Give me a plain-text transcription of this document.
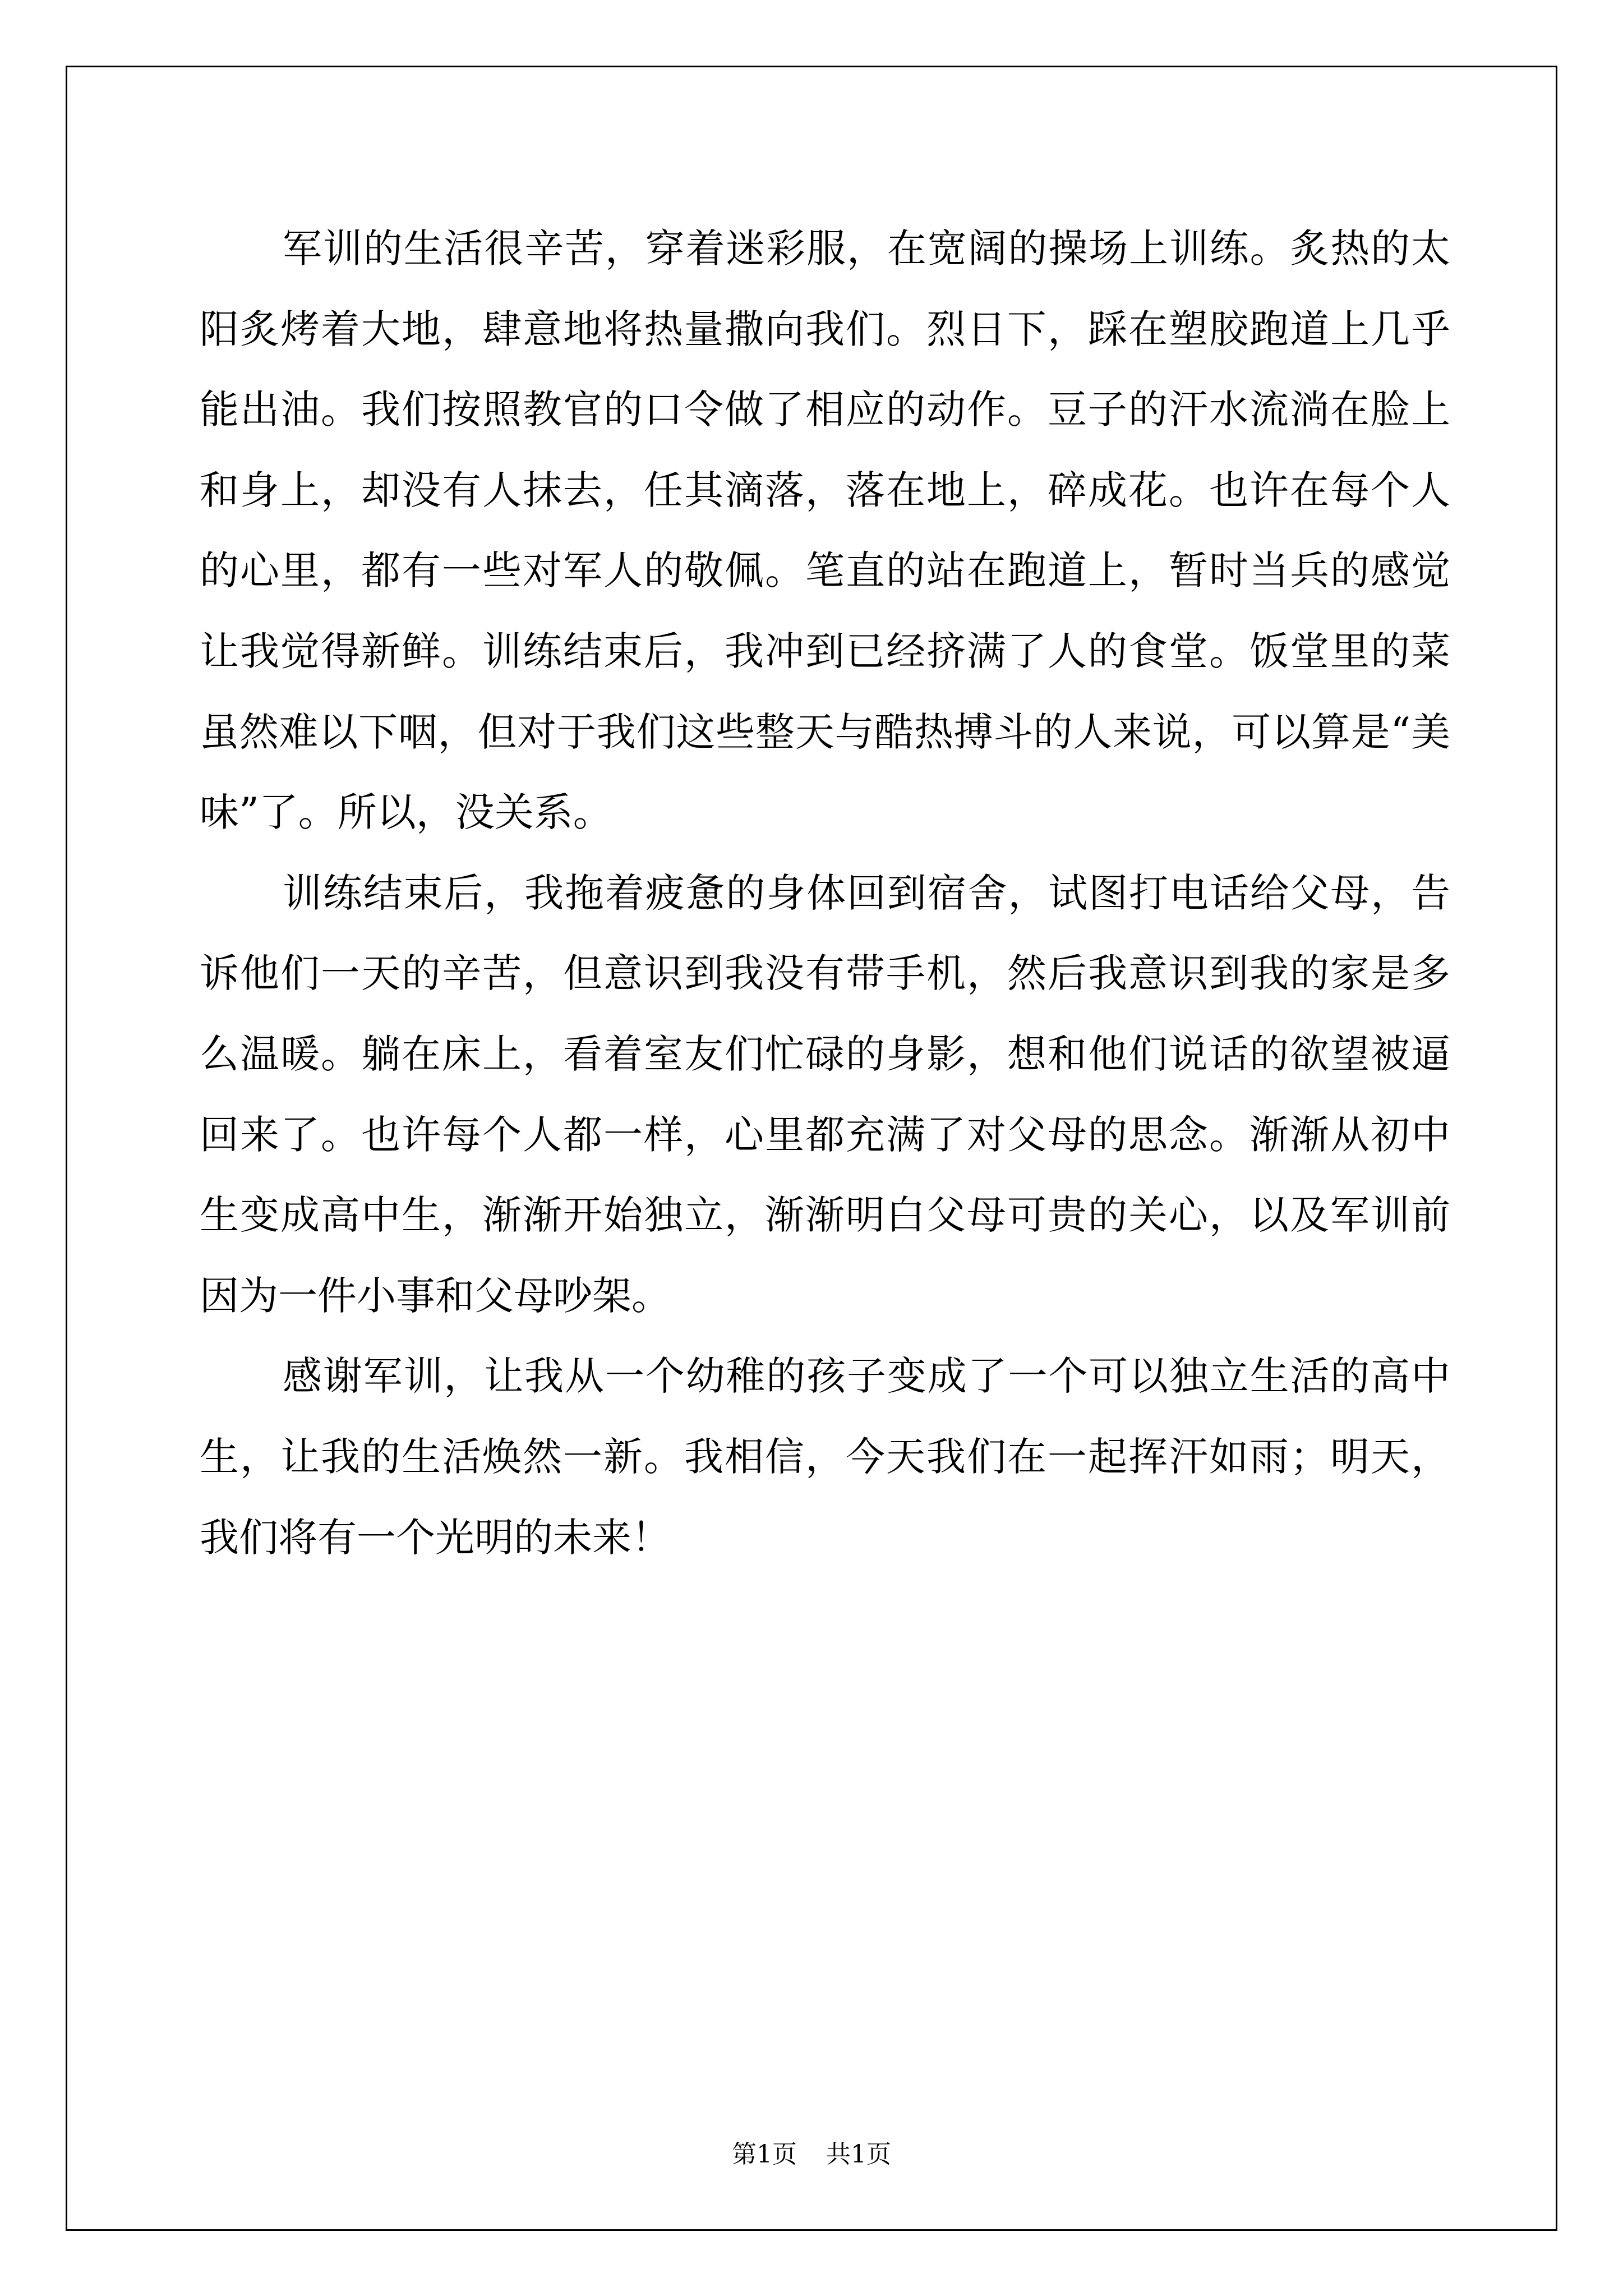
军训的生活很辛苦，穿着迷彩服，在宽阔的操场上训练。炙热的太阳炙烤着大地，肆意地将热量撒向我们。烈日下，踩在塑胶跑道上几乎能出油。我们按照教官的口令做了相应的动作。豆子的汗水流淌在脸上和身上，却没有人抹去，任其滴落，落在地上，碎成花。也许在每个人的心里，都有一些对军人的敬佩。笔直的站在跑道上，暂时当兵的感觉让我觉得新鲜。训练结束后，我冲到已经挤满了人的食堂。饭堂里的菜虽然难以下咽，但对于我们这些整天与酷热搏斗的人来说，可以算是“美味”了。所以，没关系。

训练结束后，我拖着疲惫的身体回到宿舍，试图打电话给父母，告诉他们一天的辛苦，但意识到我没有带手机，然后我意识到我的家是多么温暖。躺在床上，看着室友们忙碌的身影，想和他们说话的欲望被逼回来了。也许每个人都一样，心里都充满了对父母的思念。渐渐从初中生变成高中生，渐渐开始独立，渐渐明白父母可贵的关心，以及军训前因为一件小事和父母吵架。

感谢军训，让我从一个幼稚的孩子变成了一个可以独立生活的高中生，让我的生活焕然一新。我相信，今天我们在一起挥汗如雨；明天，我们将有一个光明的未来！

第1页 共1页
